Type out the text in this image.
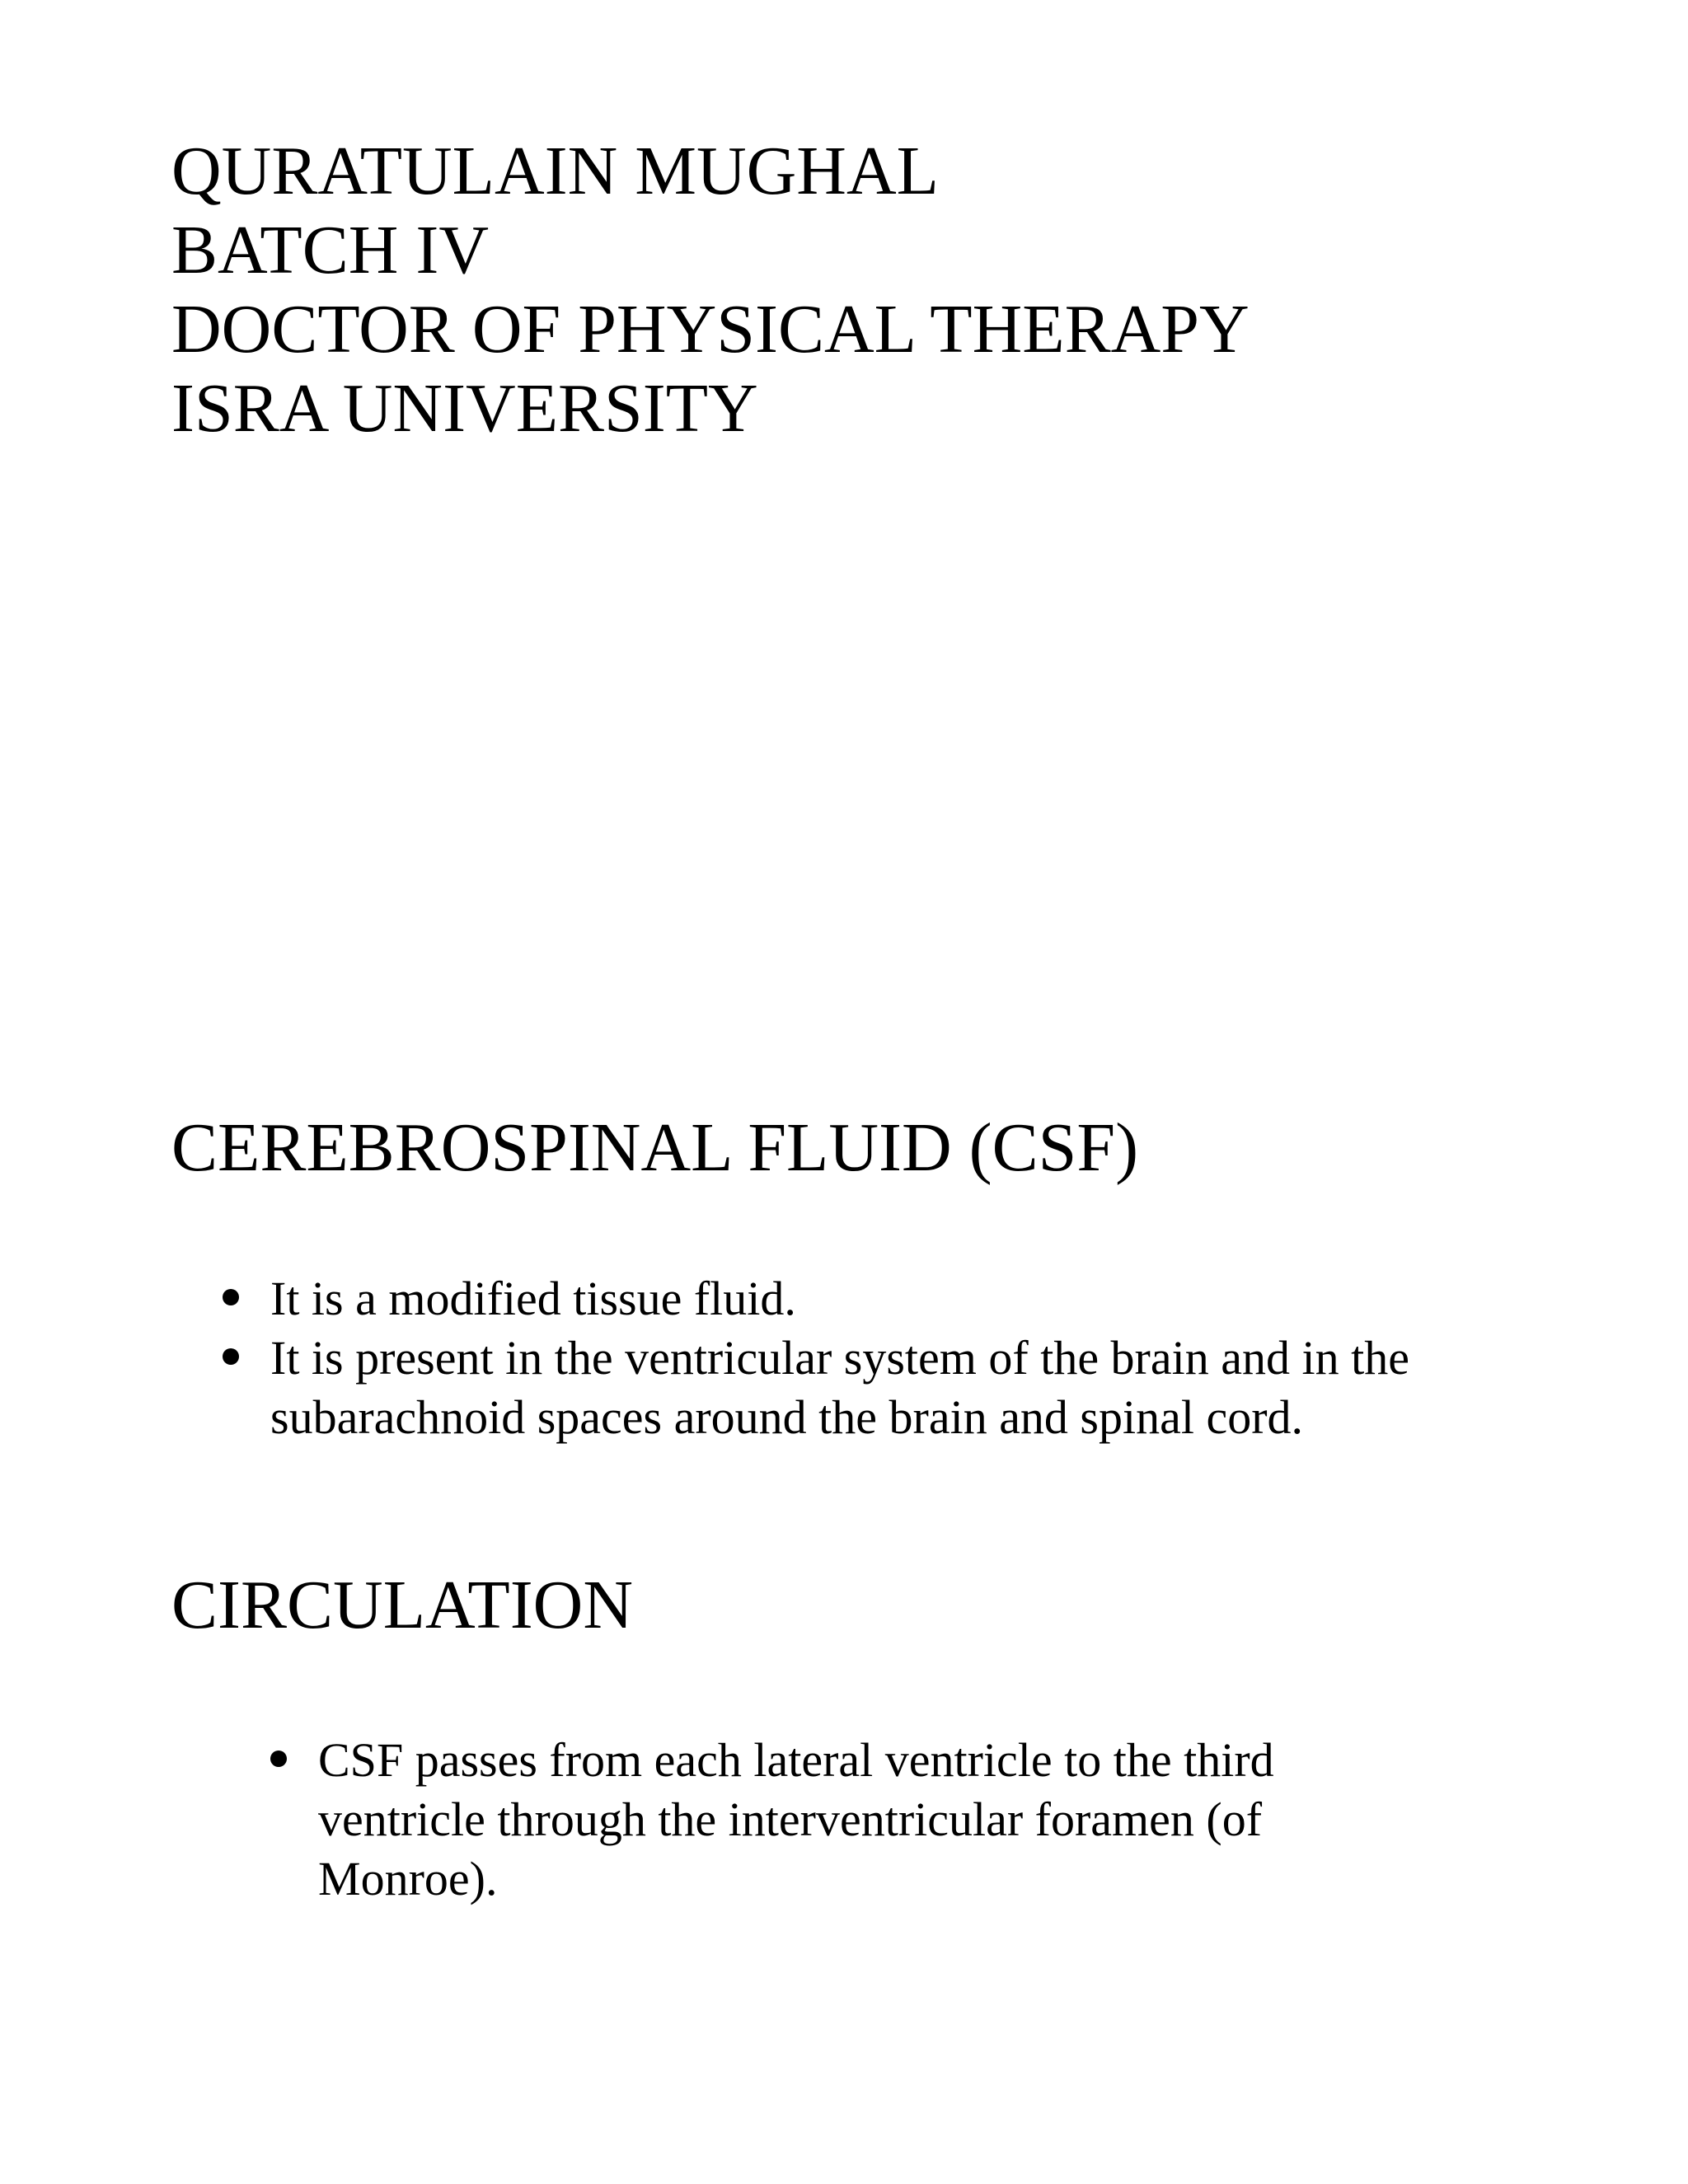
QURATULAIN MUGHAL
BATCH IV
DOCTOR OF PHYSICAL THERAPY
ISRA UNIVERSITY
CEREBROSPINAL FLUID (CSF)
It is a modified tissue fluid.
It is present in the ventricular system of the brain and in the subarachnoid spaces around the brain and spinal cord.
CIRCULATION
CSF passes from each lateral ventricle to the third ventricle through the interventricular foramen (of Monroe).
